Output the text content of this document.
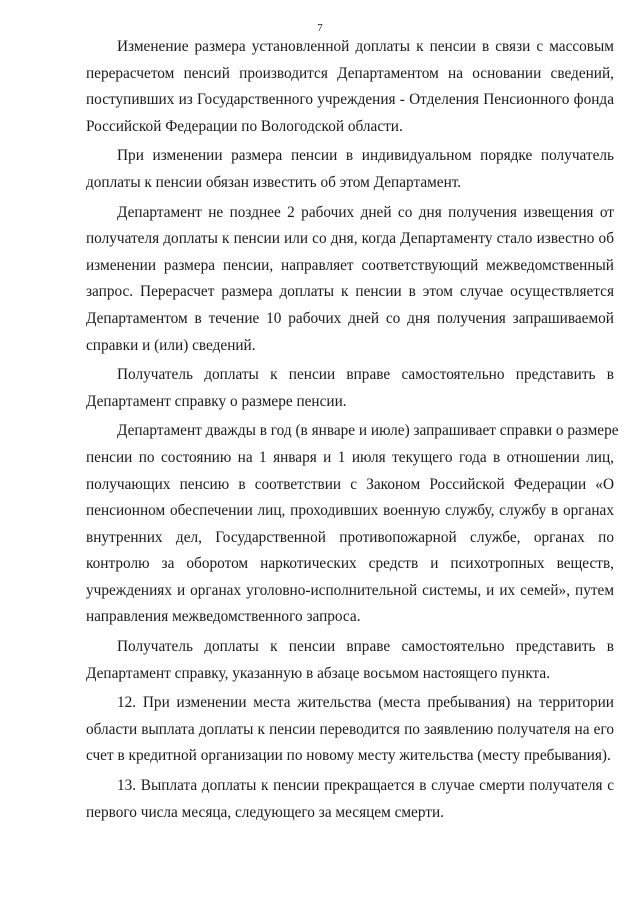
7
Изменение размера установленной доплаты к пенсии в связи с массовым
перерасчетом пенсий производится Департаментом на основании сведений,
поступивших из Государственного учреждения - Отделения Пенсионного фонда
Российской Федерации по Вологодской области.
При изменении размера пенсии в индивидуальном порядке получатель
доплаты к пенсии обязан известить об этом Департамент.
Департамент не позднее 2 рабочих дней со дня получения извещения от
получателя доплаты к пенсии или со дня, когда Департаменту стало известно об
изменении размера пенсии, направляет соответствующий межведомственный
запрос. Перерасчет размера доплаты к пенсии в этом случае осуществляется
Департаментом в течение 10 рабочих дней со дня получения запрашиваемой
справки и (или) сведений.
Получатель доплаты к пенсии вправе самостоятельно представить в
Департамент справку о размере пенсии.
Департамент дважды в год (в январе и июле) запрашивает справки о размере
пенсии по состоянию на 1 января и 1 июля текущего года в отношении лиц,
получающих пенсию в соответствии с Законом Российской Федерации «О
пенсионном обеспечении лиц, проходивших военную службу, службу в органах
внутренних дел, Государственной противопожарной службе, органах по
контролю за оборотом наркотических средств и психотропных веществ,
учреждениях и органах уголовно-исполнительной системы, и их семей», путем
направления межведомственного запроса.
Получатель доплаты к пенсии вправе самостоятельно представить в
Департамент справку, указанную в абзаце восьмом настоящего пункта.
12. При изменении места жительства (места пребывания) на территории
области выплата доплаты к пенсии переводится по заявлению получателя на его
счет в кредитной организации по новому месту жительства (месту пребывания).
13. Выплата доплаты к пенсии прекращается в случае смерти получателя с
первого числа месяца, следующего за месяцем смерти.
